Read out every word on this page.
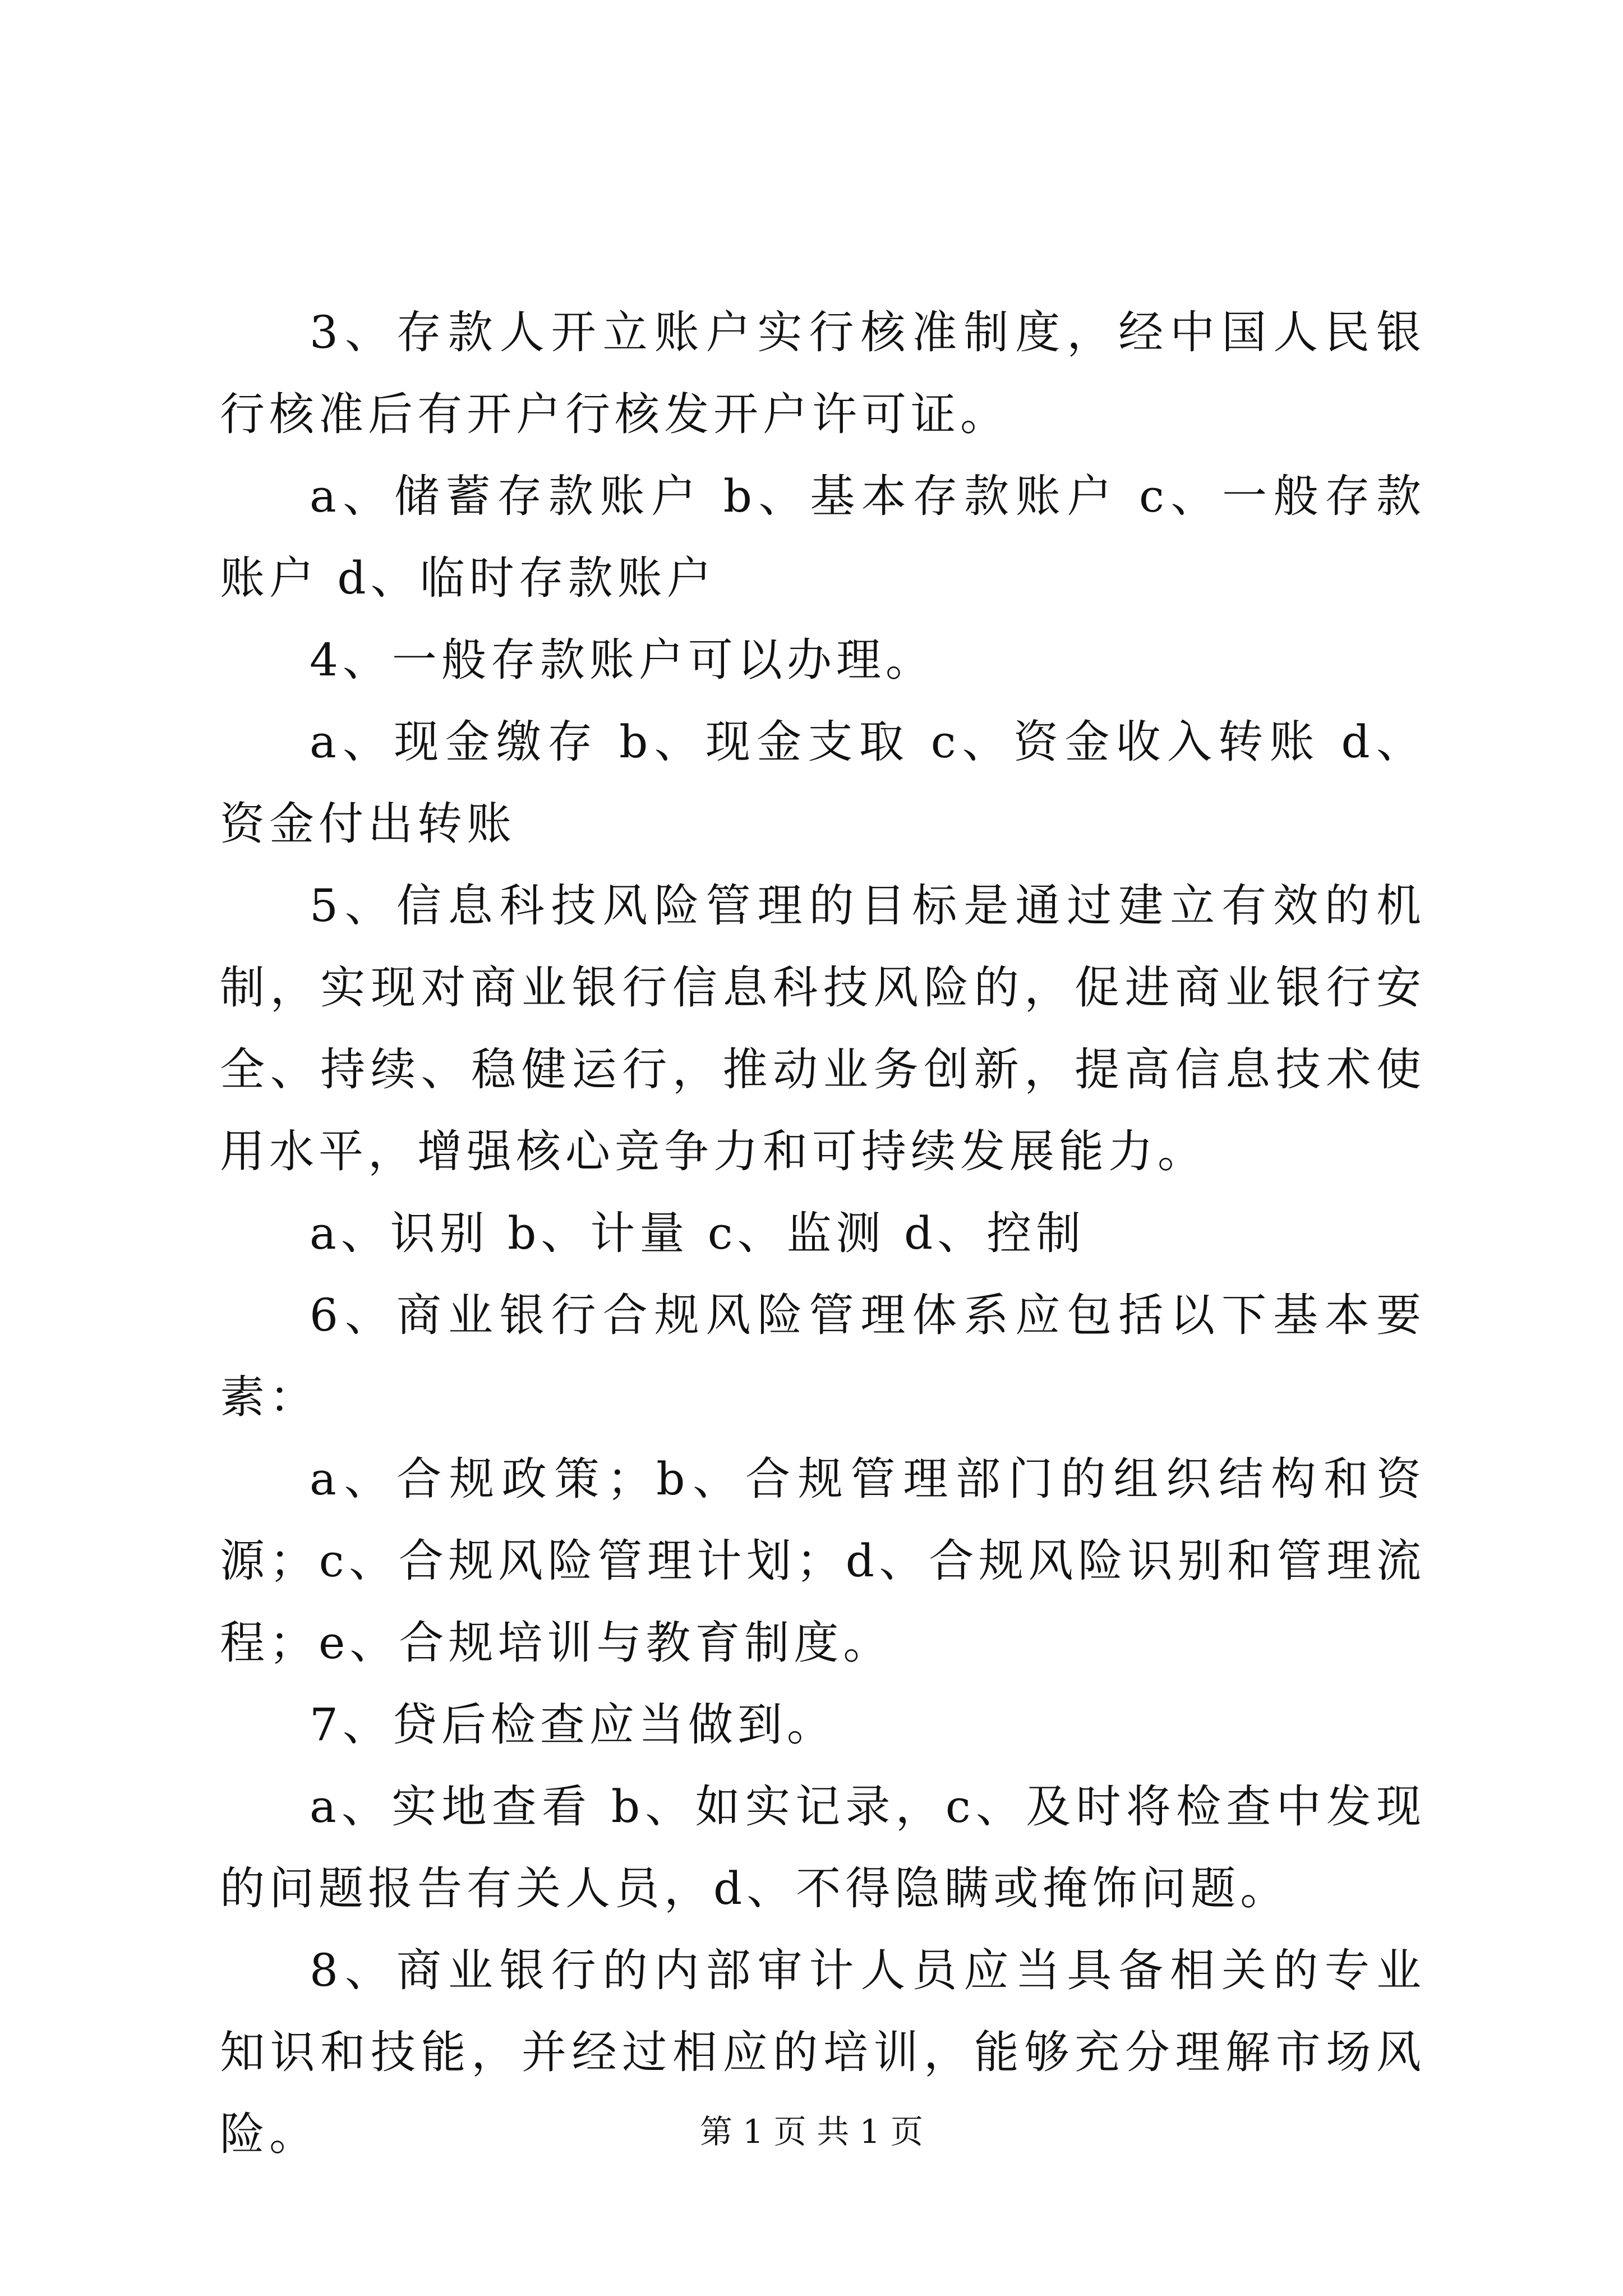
3、存款人开立账户实行核准制度，经中国人民银行核准后有开户行核发开户许可证。

a、储蓄存款账户 b、基本存款账户 c、一般存款账户 d、临时存款账户

4、一般存款账户可以办理。

a、现金缴存 b、现金支取 c、资金收入转账 d、资金付出转账

5、信息科技风险管理的目标是通过建立有效的机制，实现对商业银行信息科技风险的，促进商业银行安全、持续、稳健运行，推动业务创新，提高信息技术使用水平，增强核心竞争力和可持续发展能力。

a、识别 b、计量 c、监测 d、控制

6、商业银行合规风险管理体系应包括以下基本要素：

a、合规政策；b、合规管理部门的组织结构和资源；c、合规风险管理计划；d、合规风险识别和管理流程；e、合规培训与教育制度。

7、贷后检查应当做到。

a、实地查看 b、如实记录，c、及时将检查中发现的问题报告有关人员，d、不得隐瞒或掩饰问题。

8、商业银行的内部审计人员应当具备相关的专业知识和技能，并经过相应的培训，能够充分理解市场风险。	第 1 页 共 1 页
